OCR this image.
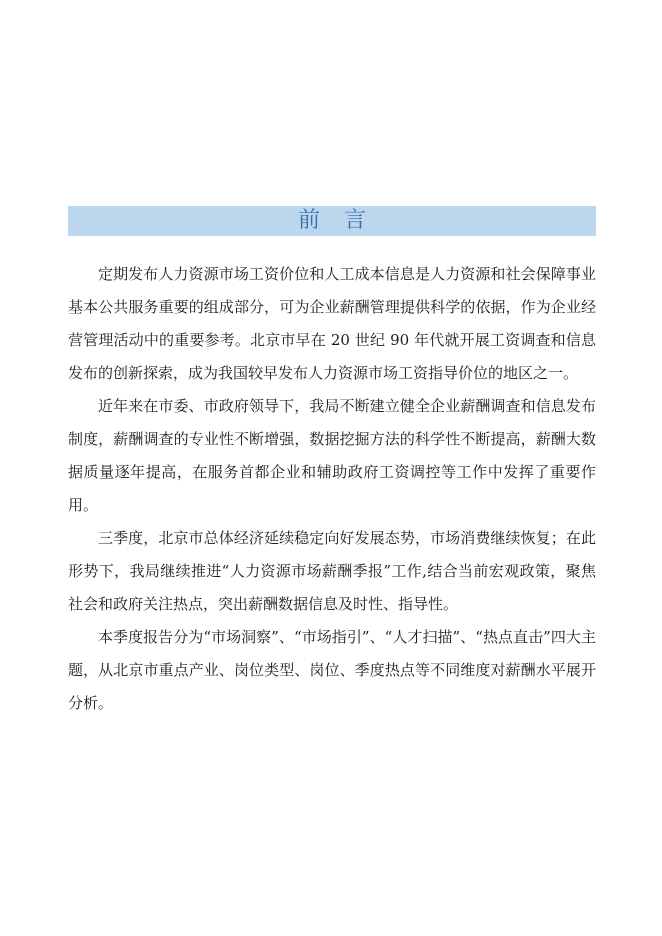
前言

定期发布人力资源市场工资价位和人工成本信息是人力资源和社会保障事业基本公共服务重要的组成部分，可为企业薪酬管理提供科学的依据，作为企业经营管理活动中的重要参考。北京市早在 20 世纪 90 年代就开展工资调查和信息发布的创新探索，成为我国较早发布人力资源市场工资指导价位的地区之一。

近年来在市委、市政府领导下，我局不断建立健全企业薪酬调查和信息发布制度，薪酬调查的专业性不断增强，数据挖掘方法的科学性不断提高，薪酬大数据质量逐年提高，在服务首都企业和辅助政府工资调控等工作中发挥了重要作用。

三季度，北京市总体经济延续稳定向好发展态势，市场消费继续恢复；在此形势下，我局继续推进“人力资源市场薪酬季报”工作,结合当前宏观政策，聚焦社会和政府关注热点，突出薪酬数据信息及时性、指导性。

本季度报告分为“市场洞察”、“市场指引”、“人才扫描”、“热点直击”四大主题，从北京市重点产业、岗位类型、岗位、季度热点等不同维度对薪酬水平展开分析。
